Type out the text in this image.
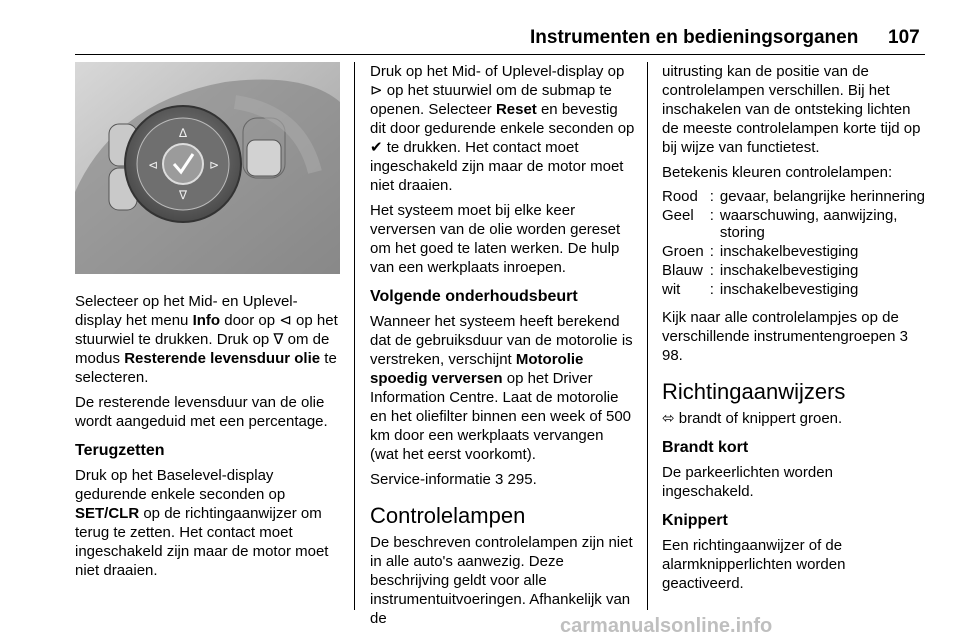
Instrumenten en bedieningsorganen 107
∆
∇
⊲	⊳

Selecteer op het Mid- en Uplevel-display het menu Info door op ⊲ op het stuurwiel te drukken. Druk op ∇ om de modus Resterende levensduur olie te selecteren.

De resterende levensduur van de olie wordt aangeduid met een percentage.

Terugzetten

Druk op het Baselevel-display gedurende enkele seconden op SET/CLR op de richtingaanwijzer om terug te zetten. Het contact moet ingeschakeld zijn maar de motor moet niet draaien.

Druk op het Mid- of Uplevel-display op ⊳ op het stuurwiel om de submap te openen. Selecteer Reset en bevestig dit door gedurende enkele seconden op ✔ te drukken. Het contact moet ingeschakeld zijn maar de motor moet niet draaien.

Het systeem moet bij elke keer verversen van de olie worden gereset om het goed te laten werken. De hulp van een werkplaats inroepen.

Volgende onderhoudsbeurt

Wanneer het systeem heeft berekend dat de gebruiksduur van de motorolie is verstreken, verschijnt Motorolie spoedig verversen op het Driver Information Centre. Laat de motorolie en het oliefilter binnen een week of 500 km door een werkplaats vervangen (wat het eerst voorkomt).

Service-informatie 3 295.

Controlelampen

De beschreven controlelampen zijn niet in alle auto's aanwezig. Deze beschrijving geldt voor alle instrumentuitvoeringen. Afhankelijk van de

uitrusting kan de positie van de controlelampen verschillen. Bij het inschakelen van de ontsteking lichten de meeste controlelampen korte tijd op bij wijze van functietest.

Betekenis kleuren controlelampen:

Rood	:	gevaar, belangrijke herinnering
Geel	:	waarschuwing, aanwijzing, storing
Groen	:	inschakelbevestiging
Blauw	:	inschakelbevestiging
wit	:	inschakelbevestiging

Kijk naar alle controlelampjes op de verschillende instrumentengroepen 3 98.

Richtingaanwijzers

⬄ brandt of knippert groen.

Brandt kort

De parkeerlichten worden ingeschakeld.

Knippert

Een richtingaanwijzer of de alarmknipperlichten worden geactiveerd.

carmanualsonline.info
